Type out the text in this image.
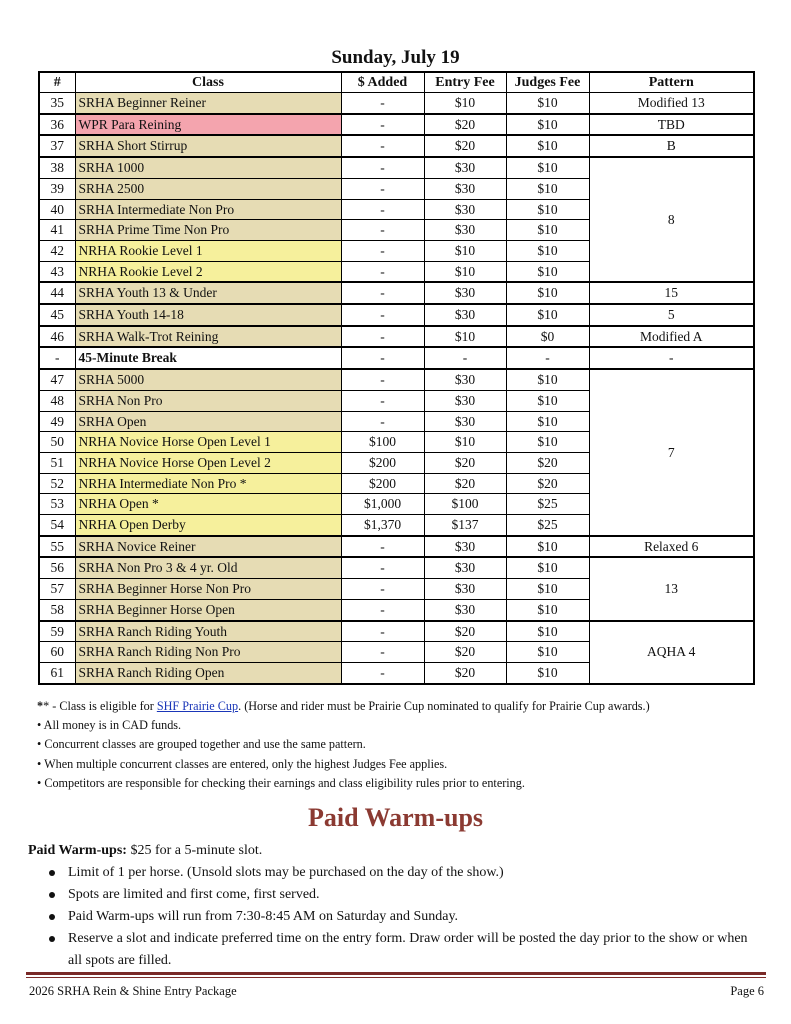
Sunday, July 19
#	Class	$ Added	Entry Fee	Judges Fee	Pattern
35	SRHA Beginner Reiner	-	$10	$10	Modified 13
36	WPR Para Reining	-	$20	$10	TBD
37	SRHA Short Stirrup	-	$20	$10	B
38	SRHA 1000	-	$30	$10	8
39	SRHA 2500	-	$30	$10	
40	SRHA Intermediate Non Pro	-	$30	$10	
41	SRHA Prime Time Non Pro	-	$30	$10	
42	NRHA Rookie Level 1	-	$10	$10	
43	NRHA Rookie Level 2	-	$10	$10	
44	SRHA Youth 13 & Under	-	$30	$10	15
45	SRHA Youth 14-18	-	$30	$10	5
46	SRHA Walk-Trot Reining	-	$10	$0	Modified A
-	45-Minute Break	-	-	-	-
47	SRHA 5000	-	$30	$10	7
48	SRHA Non Pro	-	$30	$10	
49	SRHA Open	-	$30	$10	
50	NRHA Novice Horse Open Level 1	$100	$10	$10	
51	NRHA Novice Horse Open Level 2	$200	$20	$20	
52	NRHA Intermediate Non Pro *	$200	$20	$20	
53	NRHA Open *	$1,000	$100	$25	
54	NRHA Open Derby	$1,370	$137	$25	
55	SRHA Novice Reiner	-	$30	$10	Relaxed 6
56	SRHA Non Pro 3 & 4 yr. Old	-	$30	$10	13
57	SRHA Beginner Horse Non Pro	-	$30	$10	
58	SRHA Beginner Horse Open	-	$30	$10	
59	SRHA Ranch Riding Youth	-	$20	$10	AQHA 4
60	SRHA Ranch Riding Non Pro	-	$20	$10	
61	SRHA Ranch Riding Open	-	$20	$10	
** - Class is eligible for SHF Prairie Cup. (Horse and rider must be Prairie Cup nominated to qualify for Prairie Cup awards.)
• All money is in CAD funds.
• Concurrent classes are grouped together and use the same pattern.
• When multiple concurrent classes are entered, only the highest Judges Fee applies.
• Competitors are responsible for checking their earnings and class eligibility rules prior to entering.
Paid Warm-ups
Paid Warm-ups: $25 for a 5-minute slot.
Limit of 1 per horse. (Unsold slots may be purchased on the day of the show.)
Spots are limited and first come, first served.
Paid Warm-ups will run from 7:30-8:45 AM on Saturday and Sunday.
Reserve a slot and indicate preferred time on the entry form. Draw order will be posted the day prior to the show or when all spots are filled.
2026 SRHA Rein & Shine Entry Package	Page 6
